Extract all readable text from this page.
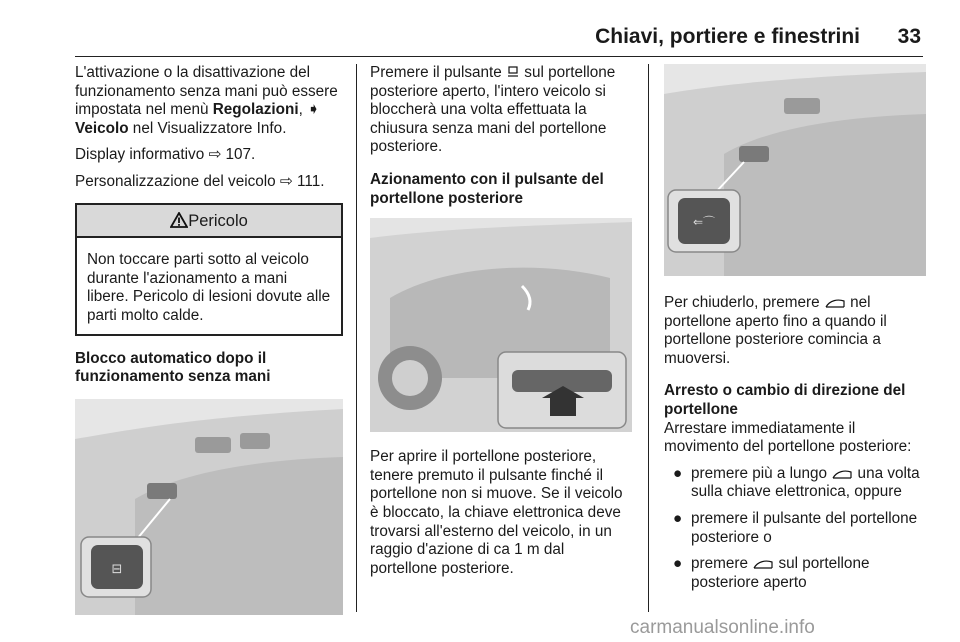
Chiavi, portiere e finestrini 33

L'attivazione o la disattivazione del funzionamento senza mani può essere impostata nel menù Regolazioni, ➧ Veicolo nel Visualizzatore Info.

Display informativo ⇨ 107.

Personalizzazione del veicolo ⇨ 111.

Pericolo
Non toccare parti sotto al veicolo durante l'azionamento a mani libere. Pericolo di lesioni dovute alle parti molto calde.

Blocco automatico dopo il funzionamento senza mani

⊟

Premere il pulsante  sul portellone posteriore aperto, l'intero veicolo si bloccherà una volta effettuata la chiusura senza mani del portellone posteriore.

Azionamento con il pulsante del portellone posteriore

Per aprire il portellone posteriore, tenere premuto il pulsante finché il portellone non si muove. Se il veicolo è bloccato, la chiave elettronica deve trovarsi all'esterno del veicolo, in un raggio d'azione di ca 1 m dal portellone posteriore.

⇐⌒

Per chiuderlo, premere  nel portellone aperto fino a quando il portellone posteriore comincia a muoversi.

Arresto o cambio di direzione del portellone

Arrestare immediatamente il movimento del portellone posteriore:

● premere più a lungo  una volta sulla chiave elettronica, oppure
● premere il pulsante del portellone posteriore o
● premere  sul portellone posteriore aperto
carmanualsonline.info
